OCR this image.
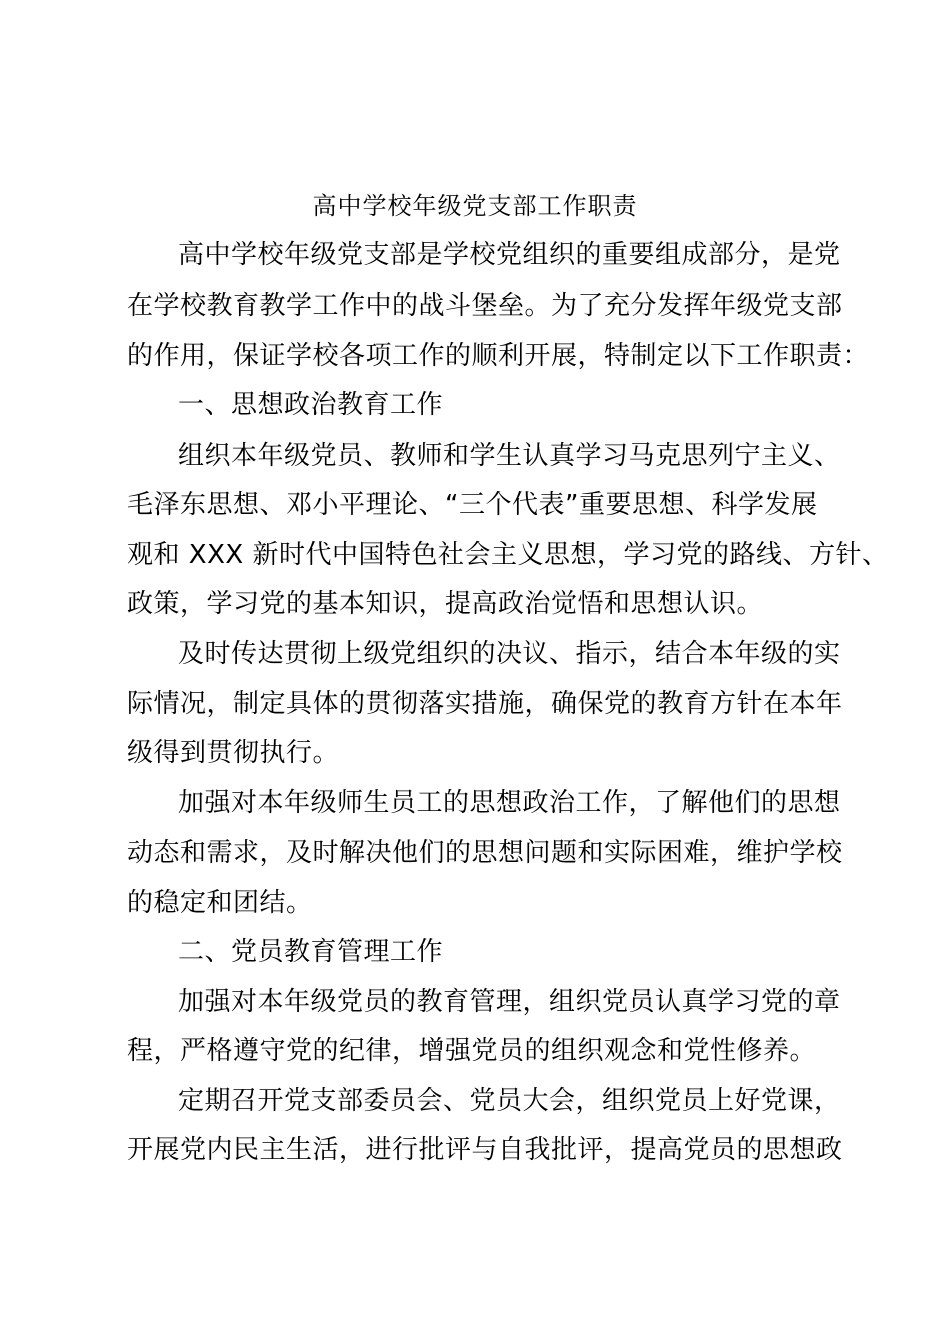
高中学校年级党支部工作职责
高中学校年级党支部是学校党组织的重要组成部分，是党
在学校教育教学工作中的战斗堡垒。为了充分发挥年级党支部
的作用，保证学校各项工作的顺利开展，特制定以下工作职责：
一、思想政治教育工作
组织本年级党员、教师和学生认真学习马克思列宁主义、
毛泽东思想、邓小平理论、“三个代表”重要思想、科学发展
观和 XXX 新时代中国特色社会主义思想，学习党的路线、方针、
政策，学习党的基本知识，提高政治觉悟和思想认识。
及时传达贯彻上级党组织的决议、指示，结合本年级的实
际情况，制定具体的贯彻落实措施，确保党的教育方针在本年
级得到贯彻执行。
加强对本年级师生员工的思想政治工作，了解他们的思想
动态和需求，及时解决他们的思想问题和实际困难，维护学校
的稳定和团结。
二、党员教育管理工作
加强对本年级党员的教育管理，组织党员认真学习党的章
程，严格遵守党的纪律，增强党员的组织观念和党性修养。
定期召开党支部委员会、党员大会，组织党员上好党课，
开展党内民主生活，进行批评与自我批评，提高党员的思想政
